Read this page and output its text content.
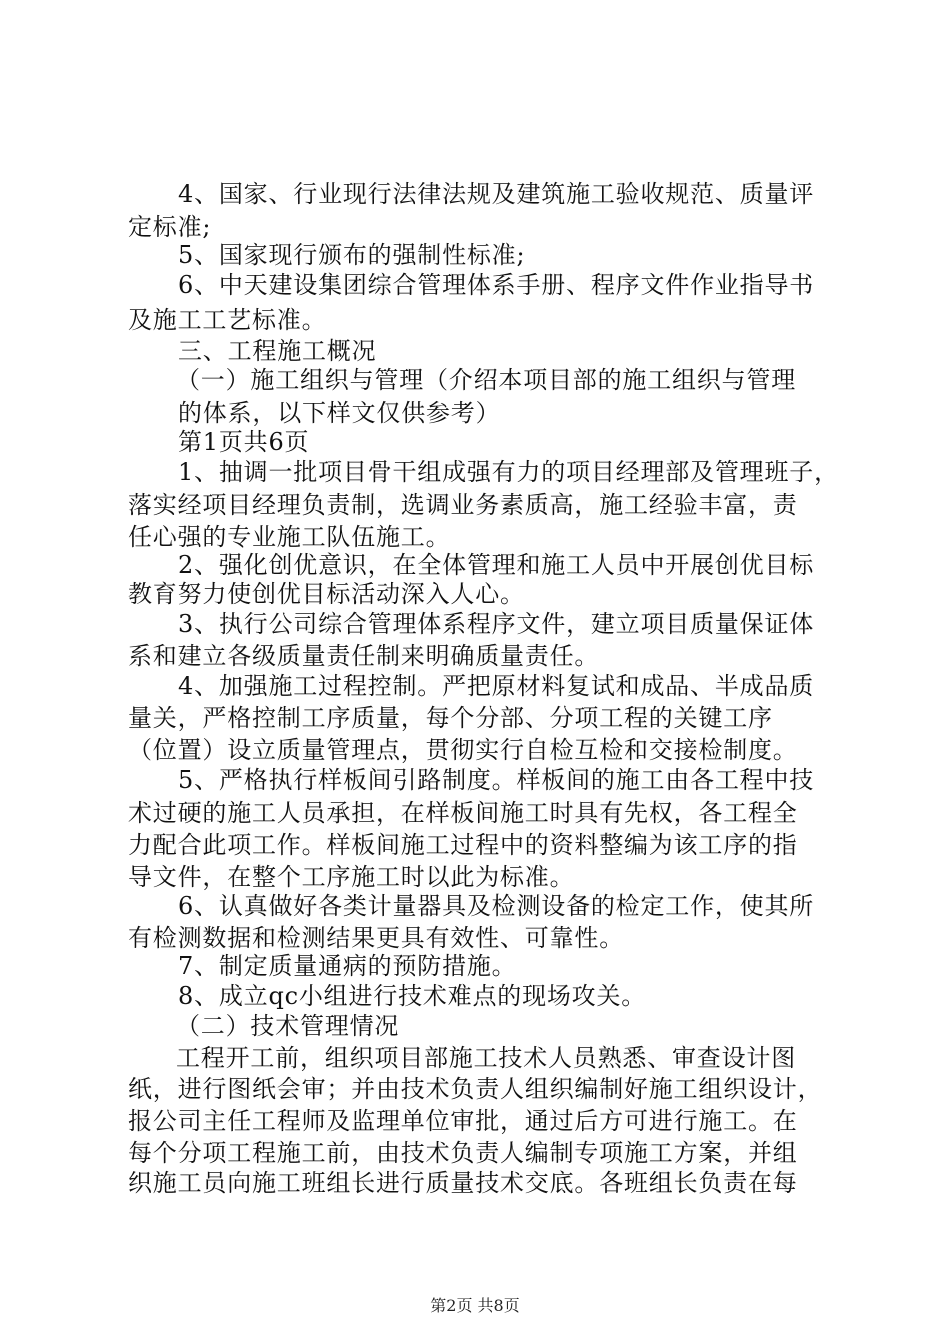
4、国家、行业现行法律法规及建筑施工验收规范、质量评
定标准;
5、国家现行颁布的强制性标准;
6、中天建设集团综合管理体系手册、程序文件作业指导书
及施工工艺标准。
三、工程施工概况
（一）施工组织与管理（介绍本项目部的施工组织与管理
的体系，以下样文仅供参考）
第1页共6页
1、抽调一批项目骨干组成强有力的项目经理部及管理班子，
落实经项目经理负责制，选调业务素质高，施工经验丰富，责
任心强的专业施工队伍施工。
2、强化创优意识，在全体管理和施工人员中开展创优目标
教育努力使创优目标活动深入人心。
3、执行公司综合管理体系程序文件，建立项目质量保证体
系和建立各级质量责任制来明确质量责任。
4、加强施工过程控制。严把原材料复试和成品、半成品质
量关，严格控制工序质量，每个分部、分项工程的关键工序
（位置）设立质量管理点，贯彻实行自检互检和交接检制度。
5、严格执行样板间引路制度。样板间的施工由各工程中技
术过硬的施工人员承担，在样板间施工时具有先权，各工程全
力配合此项工作。样板间施工过程中的资料整编为该工序的指
导文件，在整个工序施工时以此为标准。
6、认真做好各类计量器具及检测设备的检定工作，使其所
有检测数据和检测结果更具有效性、可靠性。
7、制定质量通病的预防措施。
8、成立qc小组进行技术难点的现场攻关。
（二）技术管理情况
工程开工前，组织项目部施工技术人员熟悉、审查设计图
纸，进行图纸会审；并由技术负责人组织编制好施工组织设计，
报公司主任工程师及监理单位审批，通过后方可进行施工。在
每个分项工程施工前，由技术负责人编制专项施工方案，并组
织施工员向施工班组长进行质量技术交底。各班组长负责在每
第2页 共8页
